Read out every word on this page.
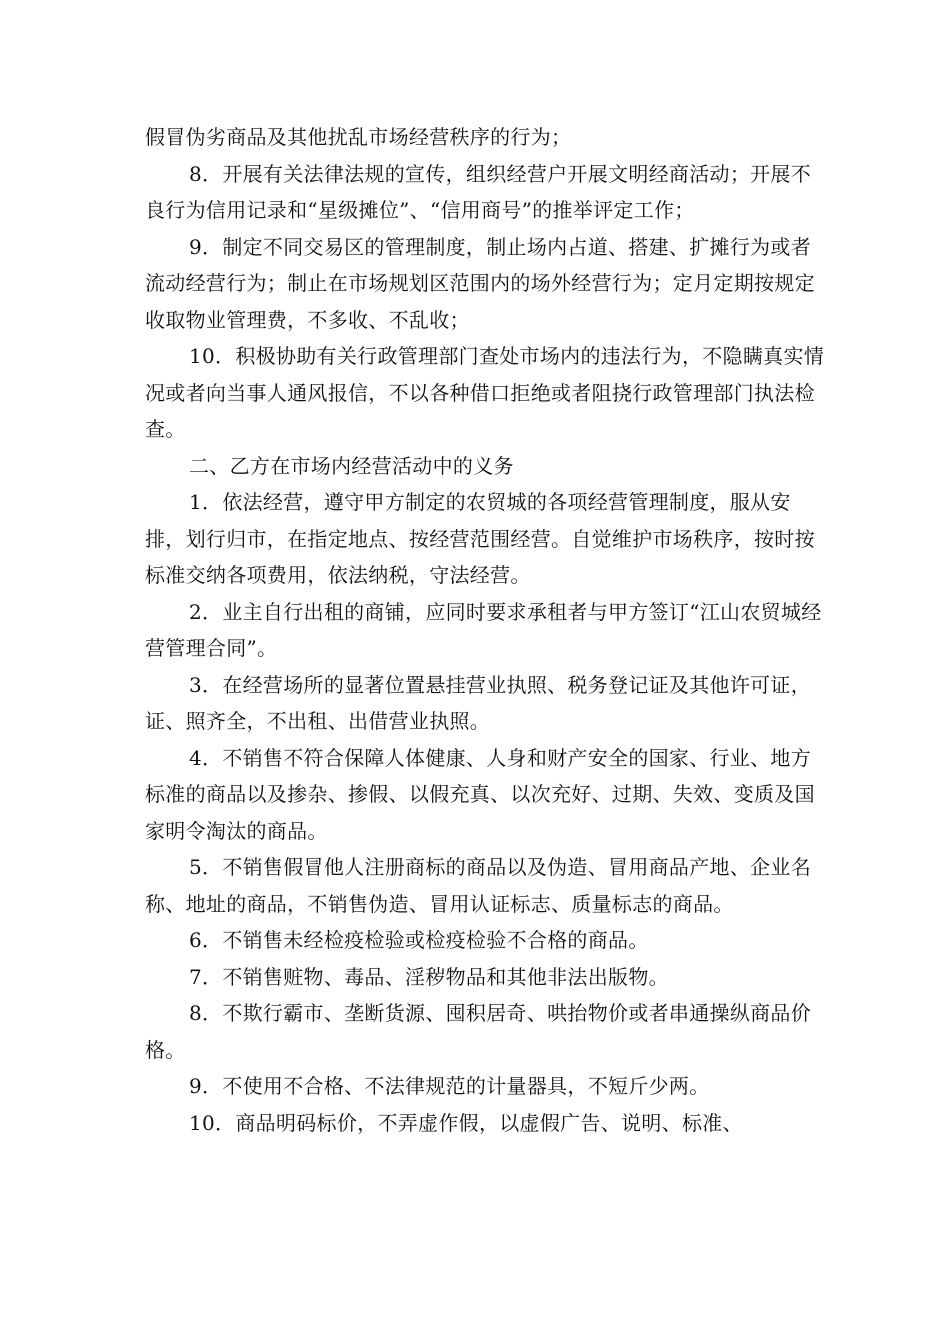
假冒伪劣商品及其他扰乱市场经营秩序的行为；

8．开展有关法律法规的宣传，组织经营户开展文明经商活动；开展不良行为信用记录和“星级摊位”、“信用商号”的推举评定工作；

9．制定不同交易区的管理制度，制止场内占道、搭建、扩摊行为或者流动经营行为；制止在市场规划区范围内的场外经营行为；定月定期按规定收取物业管理费，不多收、不乱收；

10．积极协助有关行政管理部门查处市场内的违法行为，不隐瞒真实情况或者向当事人通风报信，不以各种借口拒绝或者阻挠行政管理部门执法检查。

二、乙方在市场内经营活动中的义务

1．依法经营，遵守甲方制定的农贸城的各项经营管理制度，服从安排，划行归市，在指定地点、按经营范围经营。自觉维护市场秩序，按时按标准交纳各项费用，依法纳税，守法经营。

2．业主自行出租的商铺，应同时要求承租者与甲方签订“江山农贸城经营管理合同”。

3．在经营场所的显著位置悬挂营业执照、税务登记证及其他许可证，证、照齐全，不出租、出借营业执照。

4．不销售不符合保障人体健康、人身和财产安全的国家、行业、地方标准的商品以及掺杂、掺假、以假充真、以次充好、过期、失效、变质及国家明令淘汰的商品。

5．不销售假冒他人注册商标的商品以及伪造、冒用商品产地、企业名称、地址的商品，不销售伪造、冒用认证标志、质量标志的商品。

6．不销售未经检疫检验或检疫检验不合格的商品。

7．不销售赃物、毒品、淫秽物品和其他非法出版物。

8．不欺行霸市、垄断货源、囤积居奇、哄抬物价或者串通操纵商品价格。

9．不使用不合格、不法律规范的计量器具，不短斤少两。

10．商品明码标价，不弄虚作假，以虚假广告、说明、标准、
